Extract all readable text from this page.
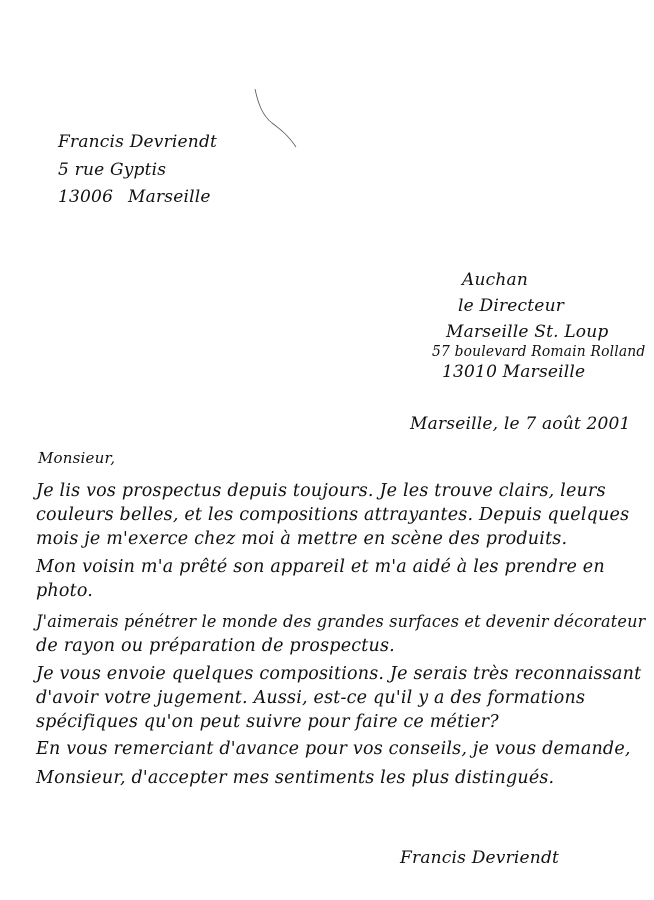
Francis Devriendt
5 rue Gyptis
13006 Marseille
Auchan
le Directeur
Marseille St. Loup
57 boulevard Romain Rolland
13010 Marseille
Marseille, le 7 août 2001
Monsieur,
Je lis vos prospectus depuis toujours. Je les trouve clairs, leurs
couleurs belles, et les compositions attrayantes. Depuis quelques
mois je m'exerce chez moi à mettre en scène des produits.
Mon voisin m'a prêté son appareil et m'a aidé à les prendre en
photo.
J'aimerais pénétrer le monde des grandes surfaces et devenir décorateur
de rayon ou préparation de prospectus.
Je vous envoie quelques compositions. Je serais très reconnaissant
d'avoir votre jugement. Aussi, est-ce qu'il y a des formations
spécifiques qu'on peut suivre pour faire ce métier?
En vous remerciant d'avance pour vos conseils, je vous demande,
Monsieur, d'accepter mes sentiments les plus distingués.
Francis Devriendt
